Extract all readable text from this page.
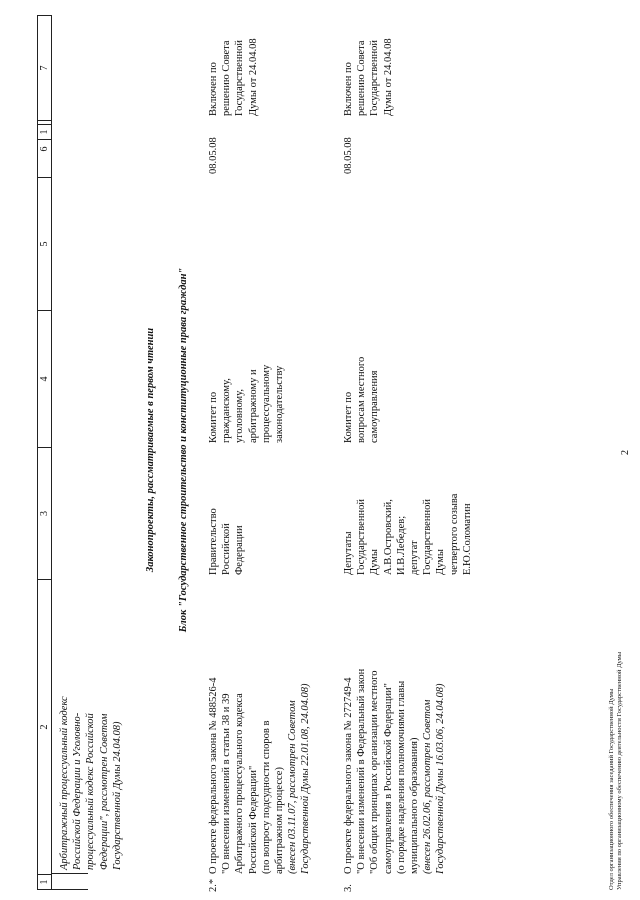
2
1
1
2
3
4
5
6
7
Арбитражный процессуальный кодекс Российской Федерации и Уголовно- процессуальный кодекс Российской Федерации", рассмотрен Советом Государственной Думы 24.04.08)
Законопроекты, рассматриваемые в первом чтении Блок "Государственное строительство и конституционные права граждан"
2.*
О проекте федерального закона № 488526-4 "О внесении изменений в статьи 38 и 39 Арбитражного процессуального кодекса Российской Федерации" (по вопросу подсудности споров в арбитражном процессе) (внесен 03.11.07, рассмотрен Советом Государственной Думы 22.01.08, 24.04.08)
Правительство Российской Федерации
Комитет по гражданскому, уголовному, арбитражному и процессуальному законодательству
08.05.08
Включен по решению Совета Государственной Думы от 24.04.08
3.
О проекте федерального закона № 272749-4 "О внесении изменений в Федеральный закон "Об общих принципах организации местного самоуправления в Российской Федерации" (о порядке наделения полномочиями главы муниципального образования) (внесен 26.02.06, рассмотрен Советом Государственной Думы 16.03.06, 24.04.08)
Депутаты Государственной Думы А.В.Островский, И.В.Лебедев; депутат Государственной Думы четвертого созыва Е.Ю.Соломатин
Комитет по вопросам местного самоуправления
08.05.08
Включен по решению Совета Государственной Думы от 24.04.08
Отдел организационного обеспечения заседаний Государственной Думы Управления по организационному обеспечению деятельности Государственной Думы
